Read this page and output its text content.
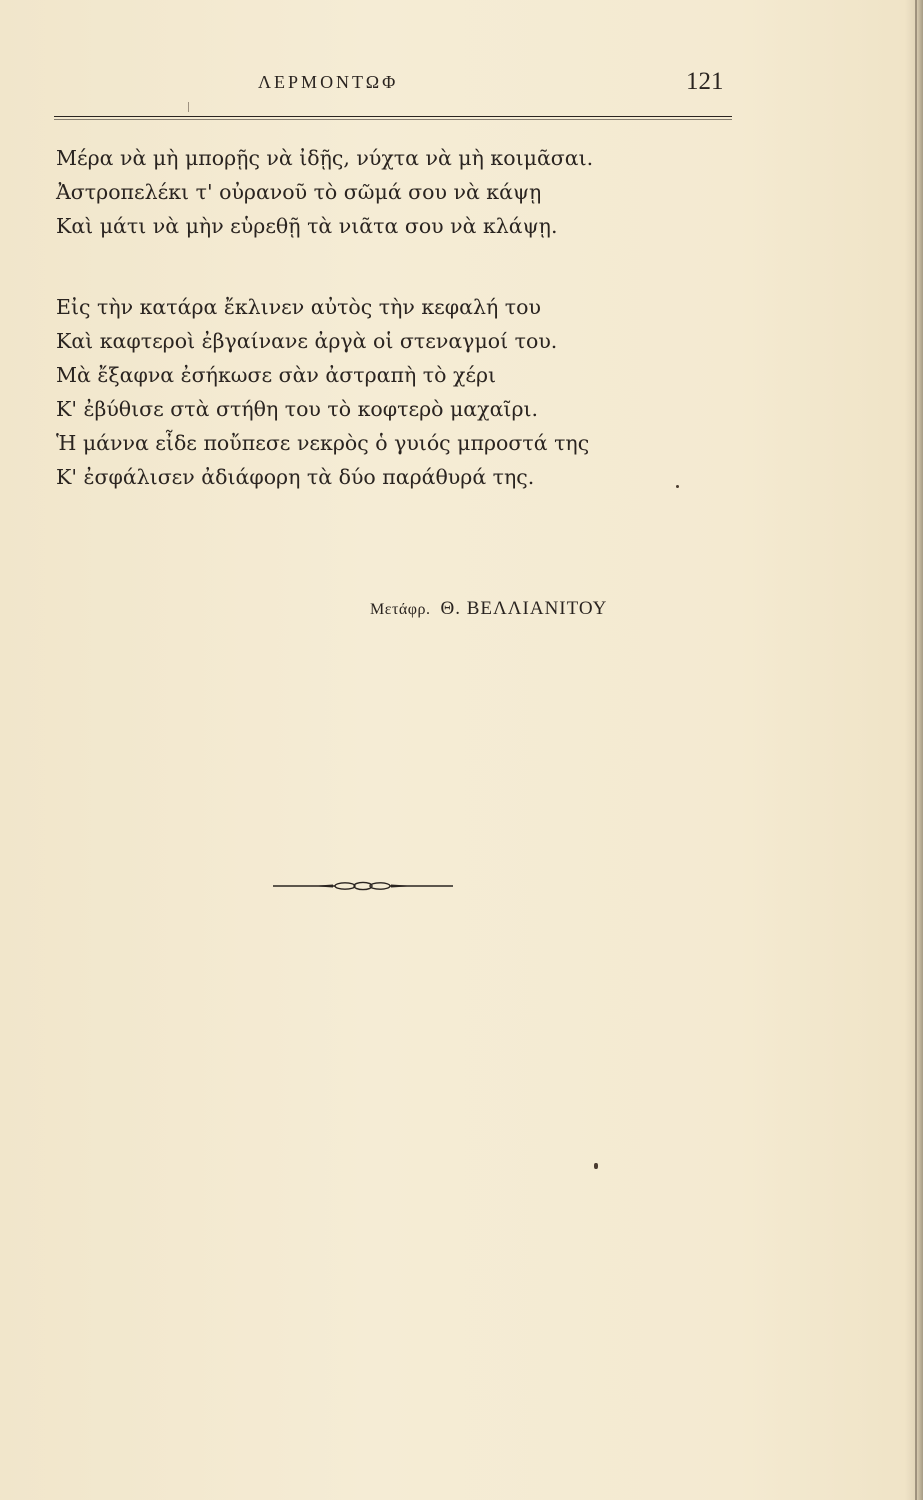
ΛΕΡΜΟΝΤΩΦ	121
Μέρα νὰ μὴ μπορῇς νὰ ἰδῇς, νύχτα νὰ μὴ κοιμᾶσαι.
Ἀστροπελέκι τ' οὐρανοῦ τὸ σῶμά σου νὰ κάψῃ
Καὶ μάτι νὰ μὴν εὑρεθῇ τὰ νιᾶτα σου νὰ κλάψῃ.
Εἰς τὴν κατάρα ἔκλινεν αὐτὸς τὴν κεφαλή του
Καὶ καφτεροὶ ἐβγαίνανε ἀργὰ οἱ στεναγμοί του.
Μὰ ἔξαφνα ἐσήκωσε σὰν ἀστραπὴ τὸ χέρι
Κ' ἐβύθισε στὰ στήθη του τὸ κοφτερὸ μαχαῖρι.
Ἡ μάννα εἶδε ποὔπεσε νεκρὸς ὁ γυιός μπροστά της
Κ' ἐσφάλισεν ἀδιάφορη τὰ δύο παράθυρά της.
Μετάφρ. Θ. ΒΕΛΛΙΑΝΙΤΟΥ
